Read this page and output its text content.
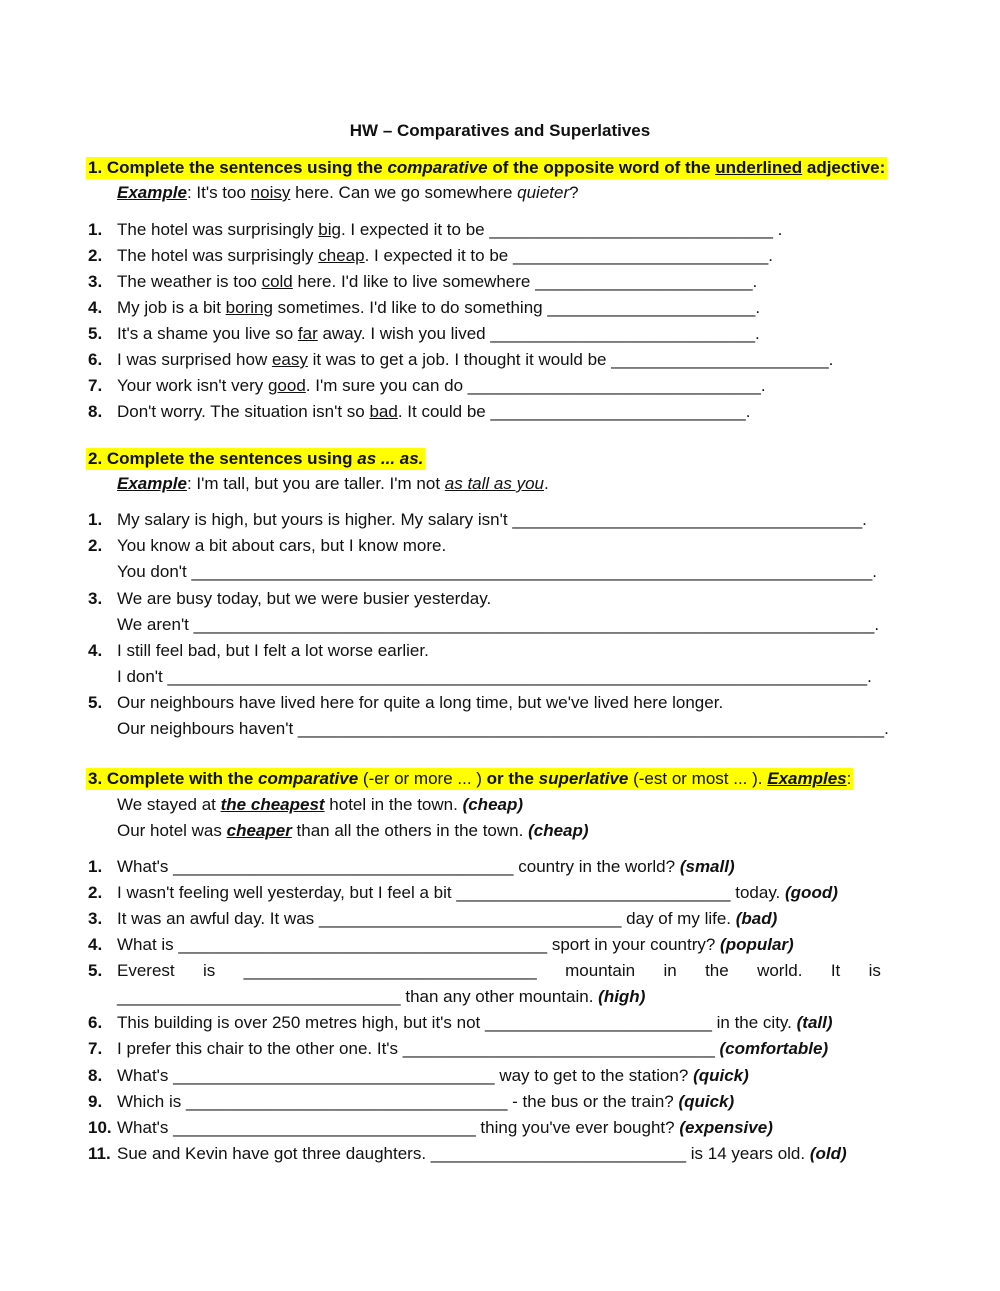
HW – Comparatives and Superlatives
1. Complete the sentences using the comparative of the opposite word of the underlined adjective:
Example: It's too noisy here. Can we go somewhere quieter?
1. The hotel was surprisingly big. I expected it to be ______________________________ .
2. The hotel was surprisingly cheap. I expected it to be ___________________________.
3. The weather is too cold here. I'd like to live somewhere _______________________.
4. My job is a bit boring sometimes. I'd like to do something ______________________.
5. It's a shame you live so far away. I wish you lived ____________________________.
6. I was surprised how easy it was to get a job. I thought it would be _______________________.
7. Your work isn't very good. I'm sure you can do _______________________________.
8. Don't worry. The situation isn't so bad. It could be ___________________________.
2. Complete the sentences using as ... as.
Example: I'm tall, but you are taller. I'm not as tall as you.
1. My salary is high, but yours is higher. My salary isn't _____________________________________.
2. You know a bit about cars, but I know more.
You don't ________________________________________________________________________.
3. We are busy today, but we were busier yesterday.
We aren't ________________________________________________________________________.
4. I still feel bad, but I felt a lot worse earlier.
I don't __________________________________________________________________________.
5. Our neighbours have lived here for quite a long time, but we've lived here longer.
Our neighbours haven't ______________________________________________________________.
3. Complete with the comparative (-er or more ... ) or the superlative (-est or most ... ). Examples:
We stayed at the cheapest hotel in the town. (cheap)
Our hotel was cheaper than all the others in the town. (cheap)
1. What's ____________________________________ country in the world? (small)
2. I wasn't feeling well yesterday, but I feel a bit _____________________________ today. (good)
3. It was an awful day. It was ________________________________ day of my life. (bad)
4. What is _______________________________________ sport in your country? (popular)
5. Everest is _______________________________ mountain in the world. It is
______________________________ than any other mountain. (high)
6. This building is over 250 metres high, but it's not ________________________ in the city. (tall)
7. I prefer this chair to the other one. It's _________________________________ (comfortable)
8. What's __________________________________ way to get to the station? (quick)
9. Which is __________________________________ - the bus or the train? (quick)
10. What's ________________________________ thing you've ever bought? (expensive)
11. Sue and Kevin have got three daughters. ___________________________ is 14 years old. (old)
